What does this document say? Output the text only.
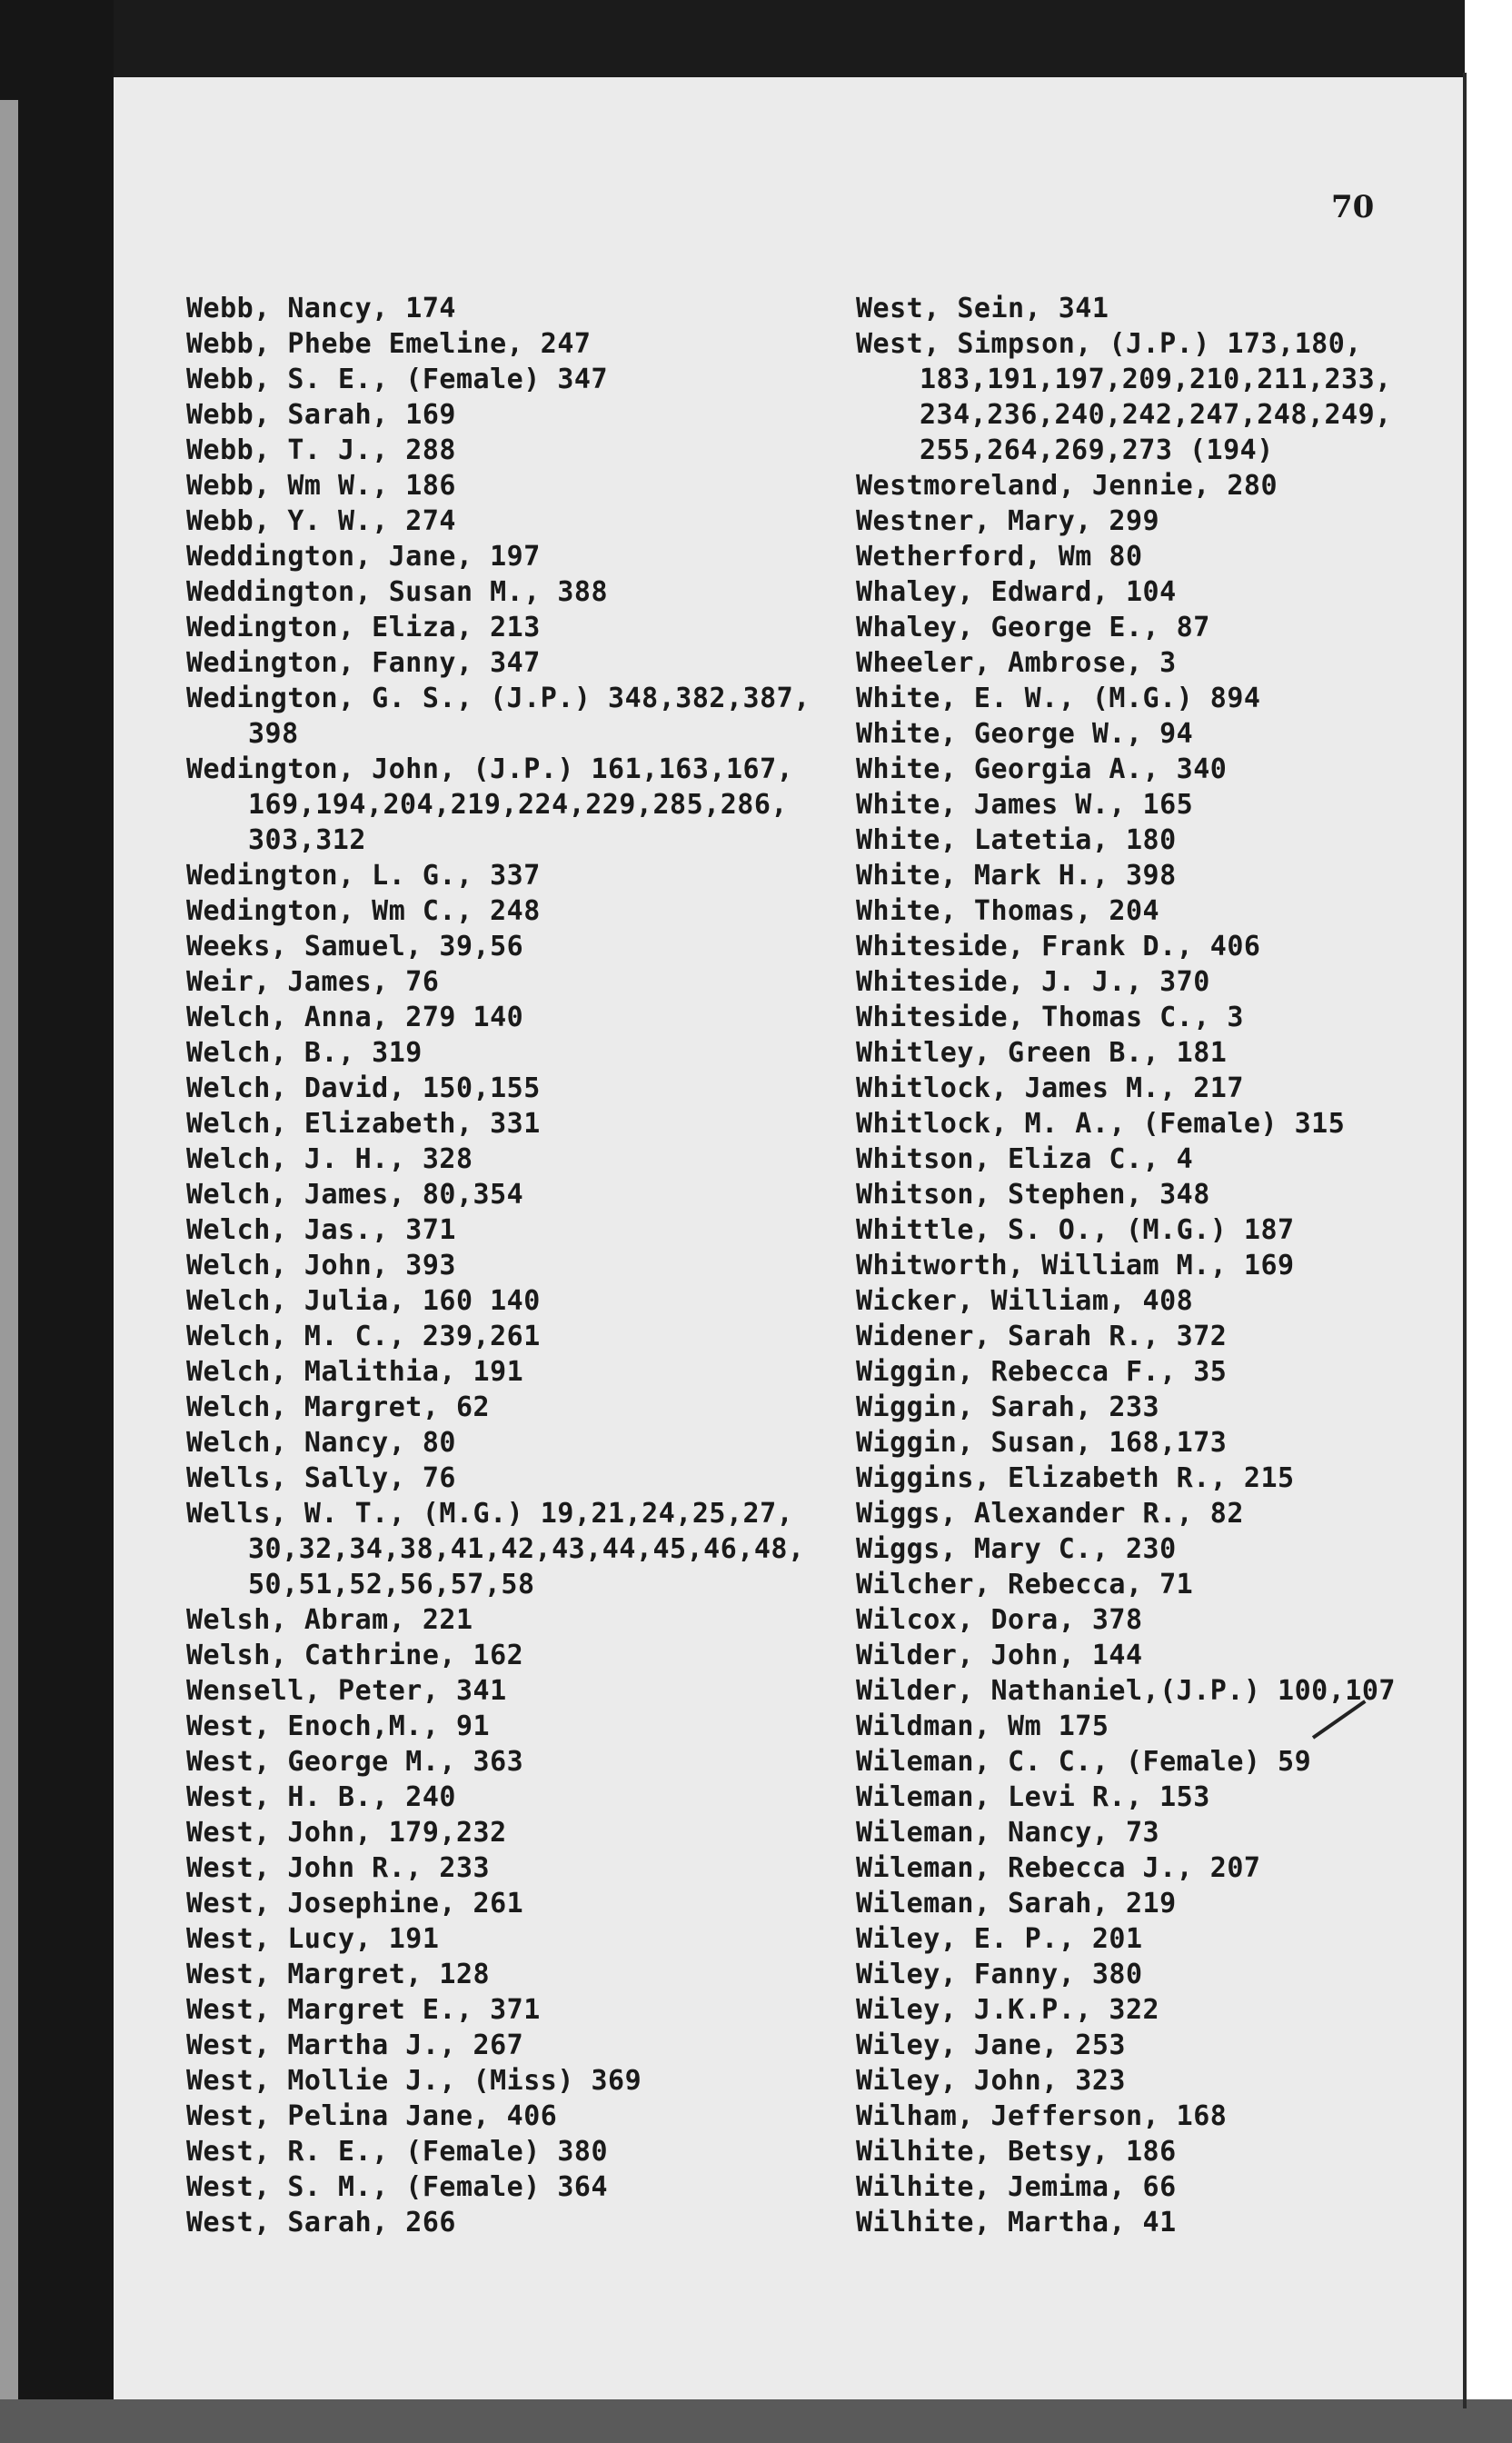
70
Webb, Nancy, 174
Webb, Phebe Emeline, 247
Webb, S. E., (Female) 347
Webb, Sarah, 169
Webb, T. J., 288
Webb, Wm W., 186
Webb, Y. W., 274
Weddington, Jane, 197
Weddington, Susan M., 388
Wedington, Eliza, 213
Wedington, Fanny, 347
Wedington, G. S., (J.P.) 348,382,387,
398
Wedington, John, (J.P.) 161,163,167,
169,194,204,219,224,229,285,286,
303,312
Wedington, L. G., 337
Wedington, Wm C., 248
Weeks, Samuel, 39,56
Weir, James, 76
Welch, Anna, 279 140
Welch, B., 319
Welch, David, 150,155
Welch, Elizabeth, 331
Welch, J. H., 328
Welch, James, 80,354
Welch, Jas., 371
Welch, John, 393
Welch, Julia, 160 140
Welch, M. C., 239,261
Welch, Malithia, 191
Welch, Margret, 62
Welch, Nancy, 80
Wells, Sally, 76
Wells, W. T., (M.G.) 19,21,24,25,27,
30,32,34,38,41,42,43,44,45,46,48,
50,51,52,56,57,58
Welsh, Abram, 221
Welsh, Cathrine, 162
Wensell, Peter, 341
West, Enoch,M., 91
West, George M., 363
West, H. B., 240
West, John, 179,232
West, John R., 233
West, Josephine, 261
West, Lucy, 191
West, Margret, 128
West, Margret E., 371
West, Martha J., 267
West, Mollie J., (Miss) 369
West, Pelina Jane, 406
West, R. E., (Female) 380
West, S. M., (Female) 364
West, Sarah, 266
West, Sein, 341
West, Simpson, (J.P.) 173,180,
183,191,197,209,210,211,233,
234,236,240,242,247,248,249,
255,264,269,273 (194)
Westmoreland, Jennie, 280
Westner, Mary, 299
Wetherford, Wm 80
Whaley, Edward, 104
Whaley, George E., 87
Wheeler, Ambrose, 3
White, E. W., (M.G.) 894
White, George W., 94
White, Georgia A., 340
White, James W., 165
White, Latetia, 180
White, Mark H., 398
White, Thomas, 204
Whiteside, Frank D., 406
Whiteside, J. J., 370
Whiteside, Thomas C., 3
Whitley, Green B., 181
Whitlock, James M., 217
Whitlock, M. A., (Female) 315
Whitson, Eliza C., 4
Whitson, Stephen, 348
Whittle, S. O., (M.G.) 187
Whitworth, William M., 169
Wicker, William, 408
Widener, Sarah R., 372
Wiggin, Rebecca F., 35
Wiggin, Sarah, 233
Wiggin, Susan, 168,173
Wiggins, Elizabeth R., 215
Wiggs, Alexander R., 82
Wiggs, Mary C., 230
Wilcher, Rebecca, 71
Wilcox, Dora, 378
Wilder, John, 144
Wilder, Nathaniel,(J.P.) 100,107
Wildman, Wm 175
Wileman, C. C., (Female) 59
Wileman, Levi R., 153
Wileman, Nancy, 73
Wileman, Rebecca J., 207
Wileman, Sarah, 219
Wiley, E. P., 201
Wiley, Fanny, 380
Wiley, J.K.P., 322
Wiley, Jane, 253
Wiley, John, 323
Wilham, Jefferson, 168
Wilhite, Betsy, 186
Wilhite, Jemima, 66
Wilhite, Martha, 41
